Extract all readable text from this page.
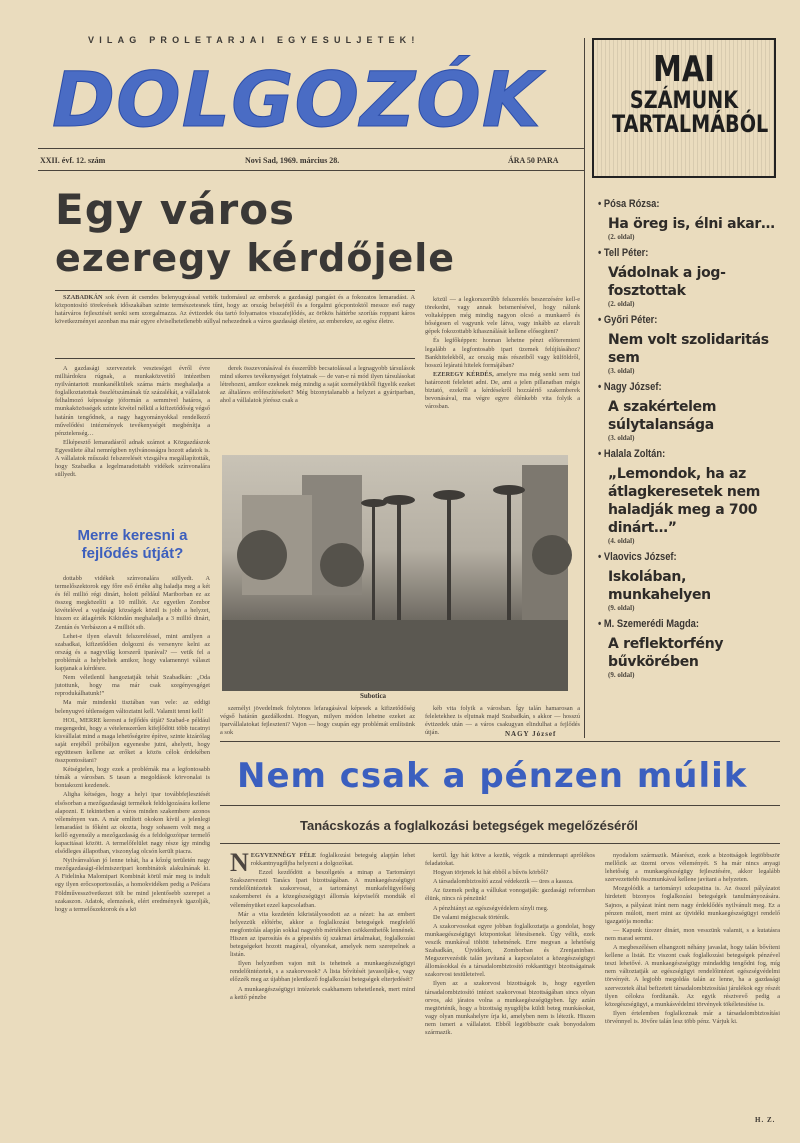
VILAG PROLETARJAI EGYESULJETEK!
DOLGOZÓK
XXII. évf. 12. szám	Novi Sad, 1969. március 28.	ÁRA 50 PARA
MAI
SZÁMUNK
TARTALMÁBÓL
• Pósa Rózsa:
Ha öreg is, élni akar…
(2. oldal)
• Tell Péter:
Vádolnak a jog-fosztottak
(2. oldal)
• Győri Péter:
Nem volt szolidaritás sem
(3. oldal)
• Nagy József:
A szakértelem súlytalansága
(3. oldal)
• Halala Zoltán:
„Lemondok, ha az átlagkeresetek nem haladják meg a 700 dinárt…”
(4. oldal)
• Vlaovics József:
Iskolában, munkahelyen
(9. oldal)
• M. Szemerédi Magda:
A reflektorfény bűvkörében
(9. oldal)
Egy város
ezeregy kérdőjele

SZABADKÁN sok éven át csendes belenyugvással vették tudomásul az emberek a gazdasági pangást és a fokozatos lemaradást. A központosító törekvések időszakában szinte természetesnek tűnt, hogy az ország belsejétől és a forgalmi gócpontoktól messze eső nagy határváros fejlesztését senki sem szorgalmazza. Az évtizedek óta tartó folyamatos visszafejlődés, az örökös háttérbe szorítás roppant káros következményei azonban ma már egyre elviselhetetlenebb súllyal nehezednek a város gazdasági életére, az emberekre, az egész életre.

A gazdasági szervezetek veszteségei évről évre milliárdokra rúgnak, a munkaközvetítő intézetben nyilvántartott munkanélküliek száma máris meghaladja a foglalkoztatottak összlétszámának tíz százalékát, a vállalatok felhalmozó képessége jóformán a semmivel határos, a munkaközösségek szinte kivétel nélkül a kifizetődőség végső határán tengődnek, a nagy hagyományokkal rendelkező művelődési intézmények tevékenységét megbénítja a pénztelenség…

Elképesztő lemaradásról adnak számot a Közgazdászok Egyesülete által nemrégiben nyilvánosságra hozott adatok is. A vállalatok műszaki felszerelését vizsgálva megállapították, hogy Szabadka a legelmaradottabb vidékek színvonalára süllyedt.

Merre keresni a fejlődés útját?

dottabb vidékek színvonalára süllyedt. A termelőszektorok egy főre eső értéke alig haladja meg a két és fél millió régi dinárt, holott például Mariborban ez az összeg megközelíti a 10 milliót. Az egyetlen Zombor kivételével a vajdasági községek közül is jobb a helyzet, hiszen ez átlagérték Kikindán meghaladja a 3 millió dinárt, Zentán és Verbászon a 4 milliót stb.

Lehet-e ilyen elavult felszereléssel, mint amilyen a szabadkai, kifizetődően dolgozni és versenyre kelni az ország és a nagyvilág korszerű iparával? — vetik fel a problémát a helybeliek amikor, hogy valamennyi választ kapjanak a kérdésre.

Nem véletlenül hangoztatják tehát Szabadkán: „Oda jutottunk, hogy ma már csak szegényesgéget reprodukálhatunk!”

Ma már mindenki tisztában van vele: az eddigi belenyugvó tétlenségen változtatni kell. Valamit tenni kell!

HOL, MERRE keresni a fejlődés útját? Szabad-e például megengedni, hogy a vételenszerűen kifejlődött több tucatnyi kisvállalat mind a maga lehetőségeire építve, szinte kizárólag saját erejéből próbáljon egyenesbe jutni, ahelyett, hogy együttesen kellene az erőket a közös célok érdekében összpontosítani?

Kétségtelen, hogy ezek a problémák ma a legfontosabb témák a városban. S tasan a megoldások körvonalai is bontakozni kezdenek.

Aligha kétséges, hogy a helyi ipar továbbfejlesztését elsősorban a mezőgazdasági termékek feldolgozására kellene alapozni. E tekintetben a város minden szakembere azonos véleményen van. A már említett okokon kívül a jelenlegi lemaradást is főként az okozta, hogy sohasem volt meg a kellő egyensúly a mezőgazdaság és a feldolgozóipar termelő kapacitásai között. A termelőfelület nagy része így mindig elsődleges állapotban, viszonylag olcsón került piacra.

Nyilvánvalóan jó lenne tehát, ha a kőzég területén nagy mezőgazdasági-élelmiszeripari kombinátok alakulnának ki. A Fidelinka Malomipari Kombinát körül már meg is indult egy ilyen erőcsoportosulás, a homokvidéken pedig a Pešćara Földművesszövetkezet tölt be mind jelentősebb szerepet a szakaszon. Adatok, elemzések, elért eredmények igazolják, hogy a termelőszektorok és a kö

derek összevonásával és ésszerűbb becsatolással a legnagyobb társulások mind sikeres tevékenységet folytatnak — de van-e rá mód ilyen társulásokat létrehozni, amikor ezeknek még mindig a saját személyükből figyelik ezeket az általános erőfeszítéseket? Még bizonytalanabb a helyzet a gyáriparban, ahol a vállalatok jóréssz csak a

közül — a legkorszerűbb felszerelés beszerzésére kell-e törekedni, vagy annak beismerésével, hogy nálunk voltaképpen még mindig nagyon olcsó a munkaerő és bőségesen el vagyunk vele látva, vagy inkább az elavult gépek fokozottabb kihasználását kellene elősegíteni?

És legfőképpen: honnan lehetne pénzt előteremteni legalább a legfontosabb ipari üzemek felújításához? Bankhitelekből, az ország más részeiből vagy külföldről, hosszú lejáratú hitelek formájában?

EZEREGY KÉRDÉS, amelyre ma még senki sem tud határozott feleletet adni. De, ami a jelen pillanatban mégis biztató, ezekről a kérdésekről hozzáértő szakemberek bevonásával, ma végre egyre élénkebb vita folyik a városban.

Subotica

személyi jövedelmek folytonos lefaragásával képesek a kifizetődőség végső határán gazdálkodni. Hogyan, milyen módon lehetne ezeket az iparvállalatokat fejleszteni? Vajon — hogy csupán egy problémát említsünk a sok

kéb vita folyik a városban. Így talán hamarosan a feleletekhez is eljutnak majd Szabadkán, s akkor — hosszú évtizedek után — a város csakugyan elindulhat a fejlődés útján.	NAGY József
Nem csak a pénzen múlik
Tanácskozás a foglalkozási betegségek megelőzéséről

NEGYVENNÉGY FÉLE foglalkozási betegség alapján lehet rokkantnyugdíjba helyezni a dolgozókat.

Ezzel kezdődött a beszélgetés a minap a Tartományi Szakszervezeti Tanács Ipari bizottságában. A munkaegészségügyi rendelőintézetek szakorvosai, a tartományi munkafelügyelőség szakemberei és a közegészségügyi állomás képviselői mondták el véleményüket ezzel kapcsolatban.

Már a vita kezdetén kikristályosodott az a nézet: ha az embert helyezzük előtérbe, akkor a foglalkozási betegségek megfelelő megfontolás alapján sokkal nagyobb mértékben csökkenthetők lennének. Hiszen az iparosítás és a gépesítés új szakmai ártalmakat, foglalkozási betegségeket hozott magával, olyanokat, amelyek nem szerepelnek a listán.

Ilyen helyzetben vajon mit is tehetnek a munkaegészségügyi rendelőintézetek, s a szakorvosok? A lista bővítését javasolják-e, vagy előzzék meg az újabban jelentkező foglalkozási betegségek elterjedését?

A munkaegészségügyi intézetek csakhamem tehetetlenek, mert mind a kettő pénzbe

kerül. Így hát kötve a kezük, végzik a mindennapi aprólékos feladatokat.

Hogyan törjenek ki hát ebből a bűvös körből?

A társadalombiztosító azzal védekezik — üres a kassza.

Az üzemek pedig a vállukat vonogatják: gazdasági reformban élünk, nincs rá pénzünk!

A pénzhiányt az egészségvédelem sínyli meg.

De valami mégiscsak történik.

A szakorvosokat egyre jobban foglalkoztatja a gondolat, hogy munkaegészségügyi központokat létesítsenek. Úgy vélik, ezek veszik munkával töltött tehetnének. Erre megvan a lehetőség Szabadkán, Újvidéken, Zomborban és Zrenjaninban. Megszervezésük talán javítaná a kapcsolatot a közegészségügyi állomásokkal és a társadalombiztosító rokkantügyi bizottságainak szakorvosi testületeivel.

Ilyen az a szakorvosi bizottságok is, hogy egyetlen társadalombiztosító intézet szakorvosai bizottságában sincs olyan orvos, aki járatos volna a munkaegészségügyben. Így aztán megtörténik, hogy a bizottság nyugdíjba küldi beteg munkásokat, vagy olyan munkahelyre írja ki, amelyben nem is létezik. Hiszen nem ismeri a vállalatot. Ebből legtöbbször csak bonyodalom származik.

nyodalom származik. Másrészt, ezek a bizottságok legtöbbször mellőzik az üzemi orvos véleményét. S ha már nincs anyagi lehetőség a munkaegészségügy fejlesztésére, akkor legalább szervezettebb összmunkával kellene javítani a helyzeten.

Mozgolódik a tartományi szkupstina is. Az összel pályázatot hirdetett bizonyos foglalkozási betegségek tanulmányozására. Sajnos, a pályázat iránt nem nagy érdeklődés nyilvánult meg. Ez a pénzen múlott, mert mint az újvidéki munkaegészségügyi rendelő igazgatója mondta:

— Kapunk tízezer dinárt, mon vesszünk valamit, s a kutatásra nem marad semmi.

A megbeszélésen elhangzott néhány javaslat, hogy talán bővíteni kellene a listát. Ez viszont csak foglalkozási betegségek pénzével teszi lehetővé. A munkaegészségügy mindaddig tengődni fog, míg nem változtatják az egészségügyi rendelőintézet egészségvédelmi törvényét. A legjobb megoldás talán az lenne, ha a gazdasági szervezetek által befizetett társadalombiztosítási járulékok egy részét ilyen célokra fordítanák. Az egyik résztvevő pedig a közegészségügyi, a munkásvédelmi törvények tökéletesítése is.

Ilyen értelemben foglalkoznak már a társadalombiztosítási törvénnyel is. Jövőre talán lesz több pénz. Várjuk ki.

H. Z.
